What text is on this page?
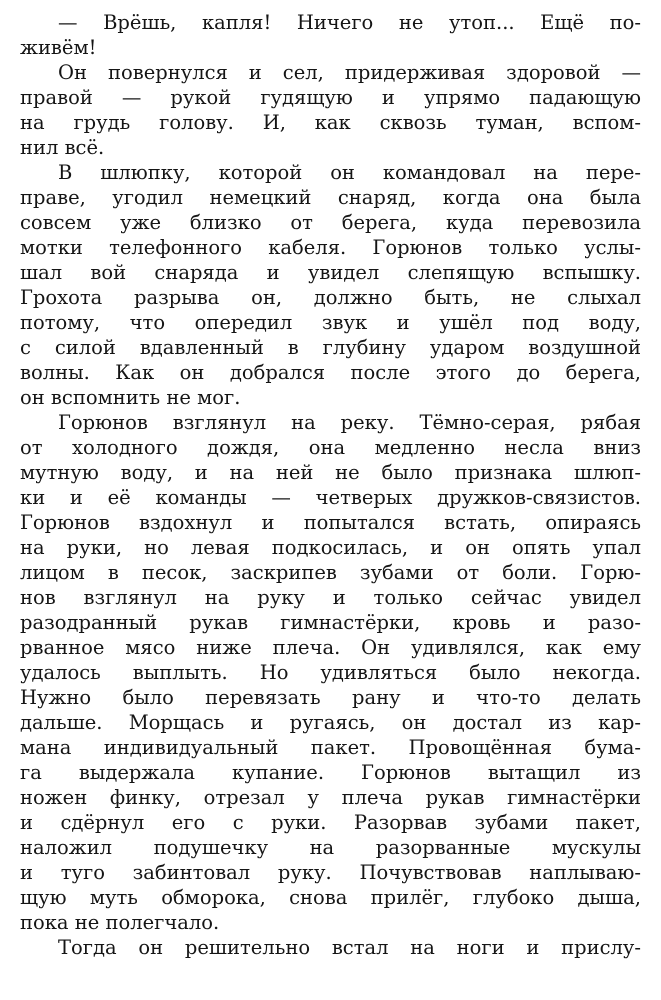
— Врёшь, капля! Ничего не утоп... Ещё по-
живём!
Он повернулся и сел, придерживая здоровой —
правой — рукой гудящую и упрямо падающую
на грудь голову. И, как сквозь туман, вспом-
нил всё.
В шлюпку, которой он командовал на пере-
праве, угодил немецкий снаряд, когда она была
совсем уже близко от берега, куда перевозила
мотки телефонного кабеля. Горюнов только услы-
шал вой снаряда и увидел слепящую вспышку.
Грохота разрыва он, должно быть, не слыхал
потому, что опередил звук и ушёл под воду,
с силой вдавленный в глубину ударом воздушной
волны. Как он добрался после этого до берега,
он вспомнить не мог.
Горюнов взглянул на реку. Тёмно-серая, рябая
от холодного дождя, она медленно несла вниз
мутную воду, и на ней не было признака шлюп-
ки и её команды — четверых дружков-связистов.
Горюнов вздохнул и попытался встать, опираясь
на руки, но левая подкосилась, и он опять упал
лицом в песок, заскрипев зубами от боли. Горю-
нов взглянул на руку и только сейчас увидел
разодранный рукав гимнастёрки, кровь и разо-
рванное мясо ниже плеча. Он удивлялся, как ему
удалось выплыть. Но удивляться было некогда.
Нужно было перевязать рану и что-то делать
дальше. Морщась и ругаясь, он достал из кар-
мана индивидуальный пакет. Провощённая бума-
га выдержала купание. Горюнов вытащил из
ножен финку, отрезал у плеча рукав гимнастёрки
и сдёрнул его с руки. Разорвав зубами пакет,
наложил подушечку на разорванные мускулы
и туго забинтовал руку. Почувствовав наплываю-
щую муть обморока, снова прилёг, глубоко дыша,
пока не полегчало.
Тогда он решительно встал на ноги и прислу-
